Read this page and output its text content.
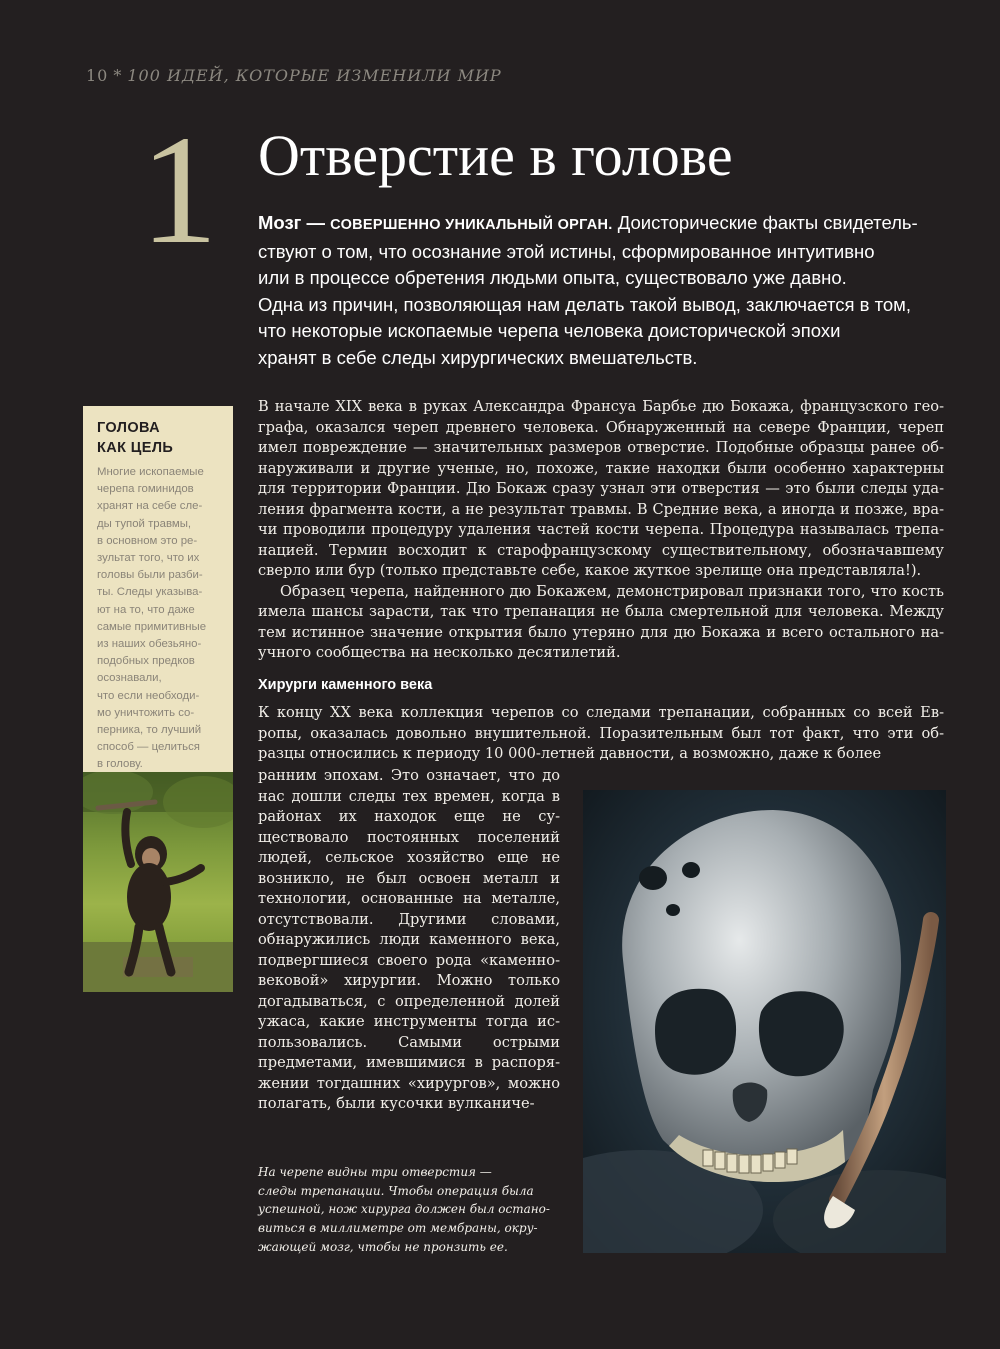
10 * 100 ИДЕЙ, КОТОРЫЕ ИЗМЕНИЛИ МИР
1 Отверстие в голове
Мозг — СОВЕРШЕННО УНИКАЛЬНЫЙ ОРГАН. Доисторические факты свидетель-
ствуют о том, что осознание этой истины, сформированное интуитивно
или в процессе обретения людьми опыта, существовало уже давно.
Одна из причин, позволяющая нам делать такой вывод, заключается в том,
что некоторые ископаемые черепа человека доисторической эпохи
хранят в себе следы хирургических вмешательств.
ГОЛОВА
КАК ЦЕЛЬ

Многие ископаемые
черепа гоминидов
хранят на себе сле-
ды тупой травмы,
в основном это ре-
зультат того, что их
головы были разби-
ты. Следы указыва-
ют на то, что даже
самые примитивные
из наших обезьяно-
подобных предков
осознавали,
что если необходи-
мо уничтожить со-
перника, то лучший
способ — целиться
в голову.

В начале XIX века в руках Александра Франсуа Барбье дю Бокажа, французского географа, оказался череп древнего человека. Обнаруженный на севере Франции, череп имел повреждение — значительных размеров отверстие. Подобные образцы ранее обнаруживали и другие ученые, но, похоже, такие находки были особенно характерны для территории Франции. Дю Бокаж сразу узнал эти отверстия — это были следы удаления фрагмента кости, а не результат травмы. В Средние века, а иногда и позже, врачи проводили процедуру удаления частей кости черепа. Процедура называлась трепанацией. Термин восходит к старофранцузскому существительному, обозначавшему сверло или бур (только представьте себе, какое жуткое зрелище она представляла!).

Образец черепа, найденного дю Бокажем, демонстрировал признаки того, что кость имела шансы зарасти, так что трепанация не была смертельной для человека. Между тем истинное значение открытия было утеряно для дю Бокажа и всего остального научного сообщества на несколько десятилетий.

Хирурги каменного века

К концу XX века коллекция черепов со следами трепанации, собранных со всей Европы, оказалась довольно внушительной. Поразительным был тот факт, что эти образцы относились к периоду 10 000-летней давности, а возможно, даже к более

ранним эпохам. Это означает, что до нас дошли следы тех времен, когда в районах их находок еще не существовало постоянных поселений людей, сельское хозяйство еще не возникло, не был освоен металл и технологии, основанные на металле, отсутствовали. Другими словами, обнаружились люди каменного века, подвергшиеся своего рода «каменновековой» хирургии. Можно только догадываться, с определенной долей ужаса, какие инструменты тогда использовались. Самыми острыми предметами, имевшимися в распоряжении тогдашних «хирургов», можно полагать, были кусочки вулканиче-

На черепе видны три отверстия —
следы трепанации. Чтобы операция была
успешной, нож хирурга должен был остано-
виться в миллиметре от мембраны, окру-
жающей мозг, чтобы не пронзить ее.
